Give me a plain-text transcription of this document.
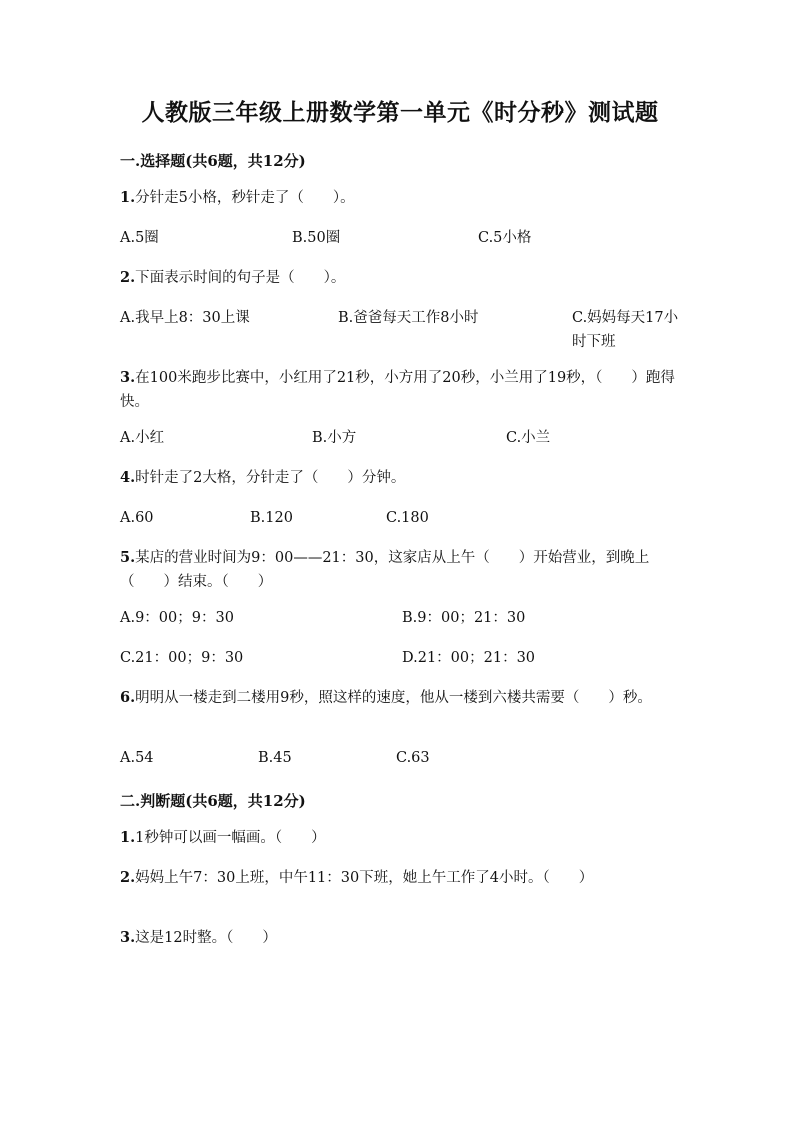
人教版三年级上册数学第一单元《时分秒》测试题
一.选择题(共6题，共12分)
1.分针走5小格，秒针走了（　　）。
A.5圈	B.50圈	C.5小格
2.下面表示时间的句子是（　　）。
A.我早上8：30上课	B.爸爸每天工作8小时	C.妈妈每天17小时下班
3.在100米跑步比赛中，小红用了21秒，小方用了20秒，小兰用了19秒，（　　）跑得快。
A.小红	B.小方	C.小兰
4.时针走了2大格，分针走了（　　）分钟。
A.60	B.120	C.180
5.某店的营业时间为9：00——21：30，这家店从上午（　　）开始营业，到晚上（　　）结束。（　　）
A.9：00；9：30	B.9：00；21：30
C.21：00；9：30	D.21：00；21：30
6.明明从一楼走到二楼用9秒，照这样的速度，他从一楼到六楼共需要（　　）秒。
A.54	B.45	C.63
二.判断题(共6题，共12分)
1.1秒钟可以画一幅画。（　　）
2.妈妈上午7：30上班，中午11：30下班，她上午工作了4小时。（　　）
3.这是12时整。（　　）
